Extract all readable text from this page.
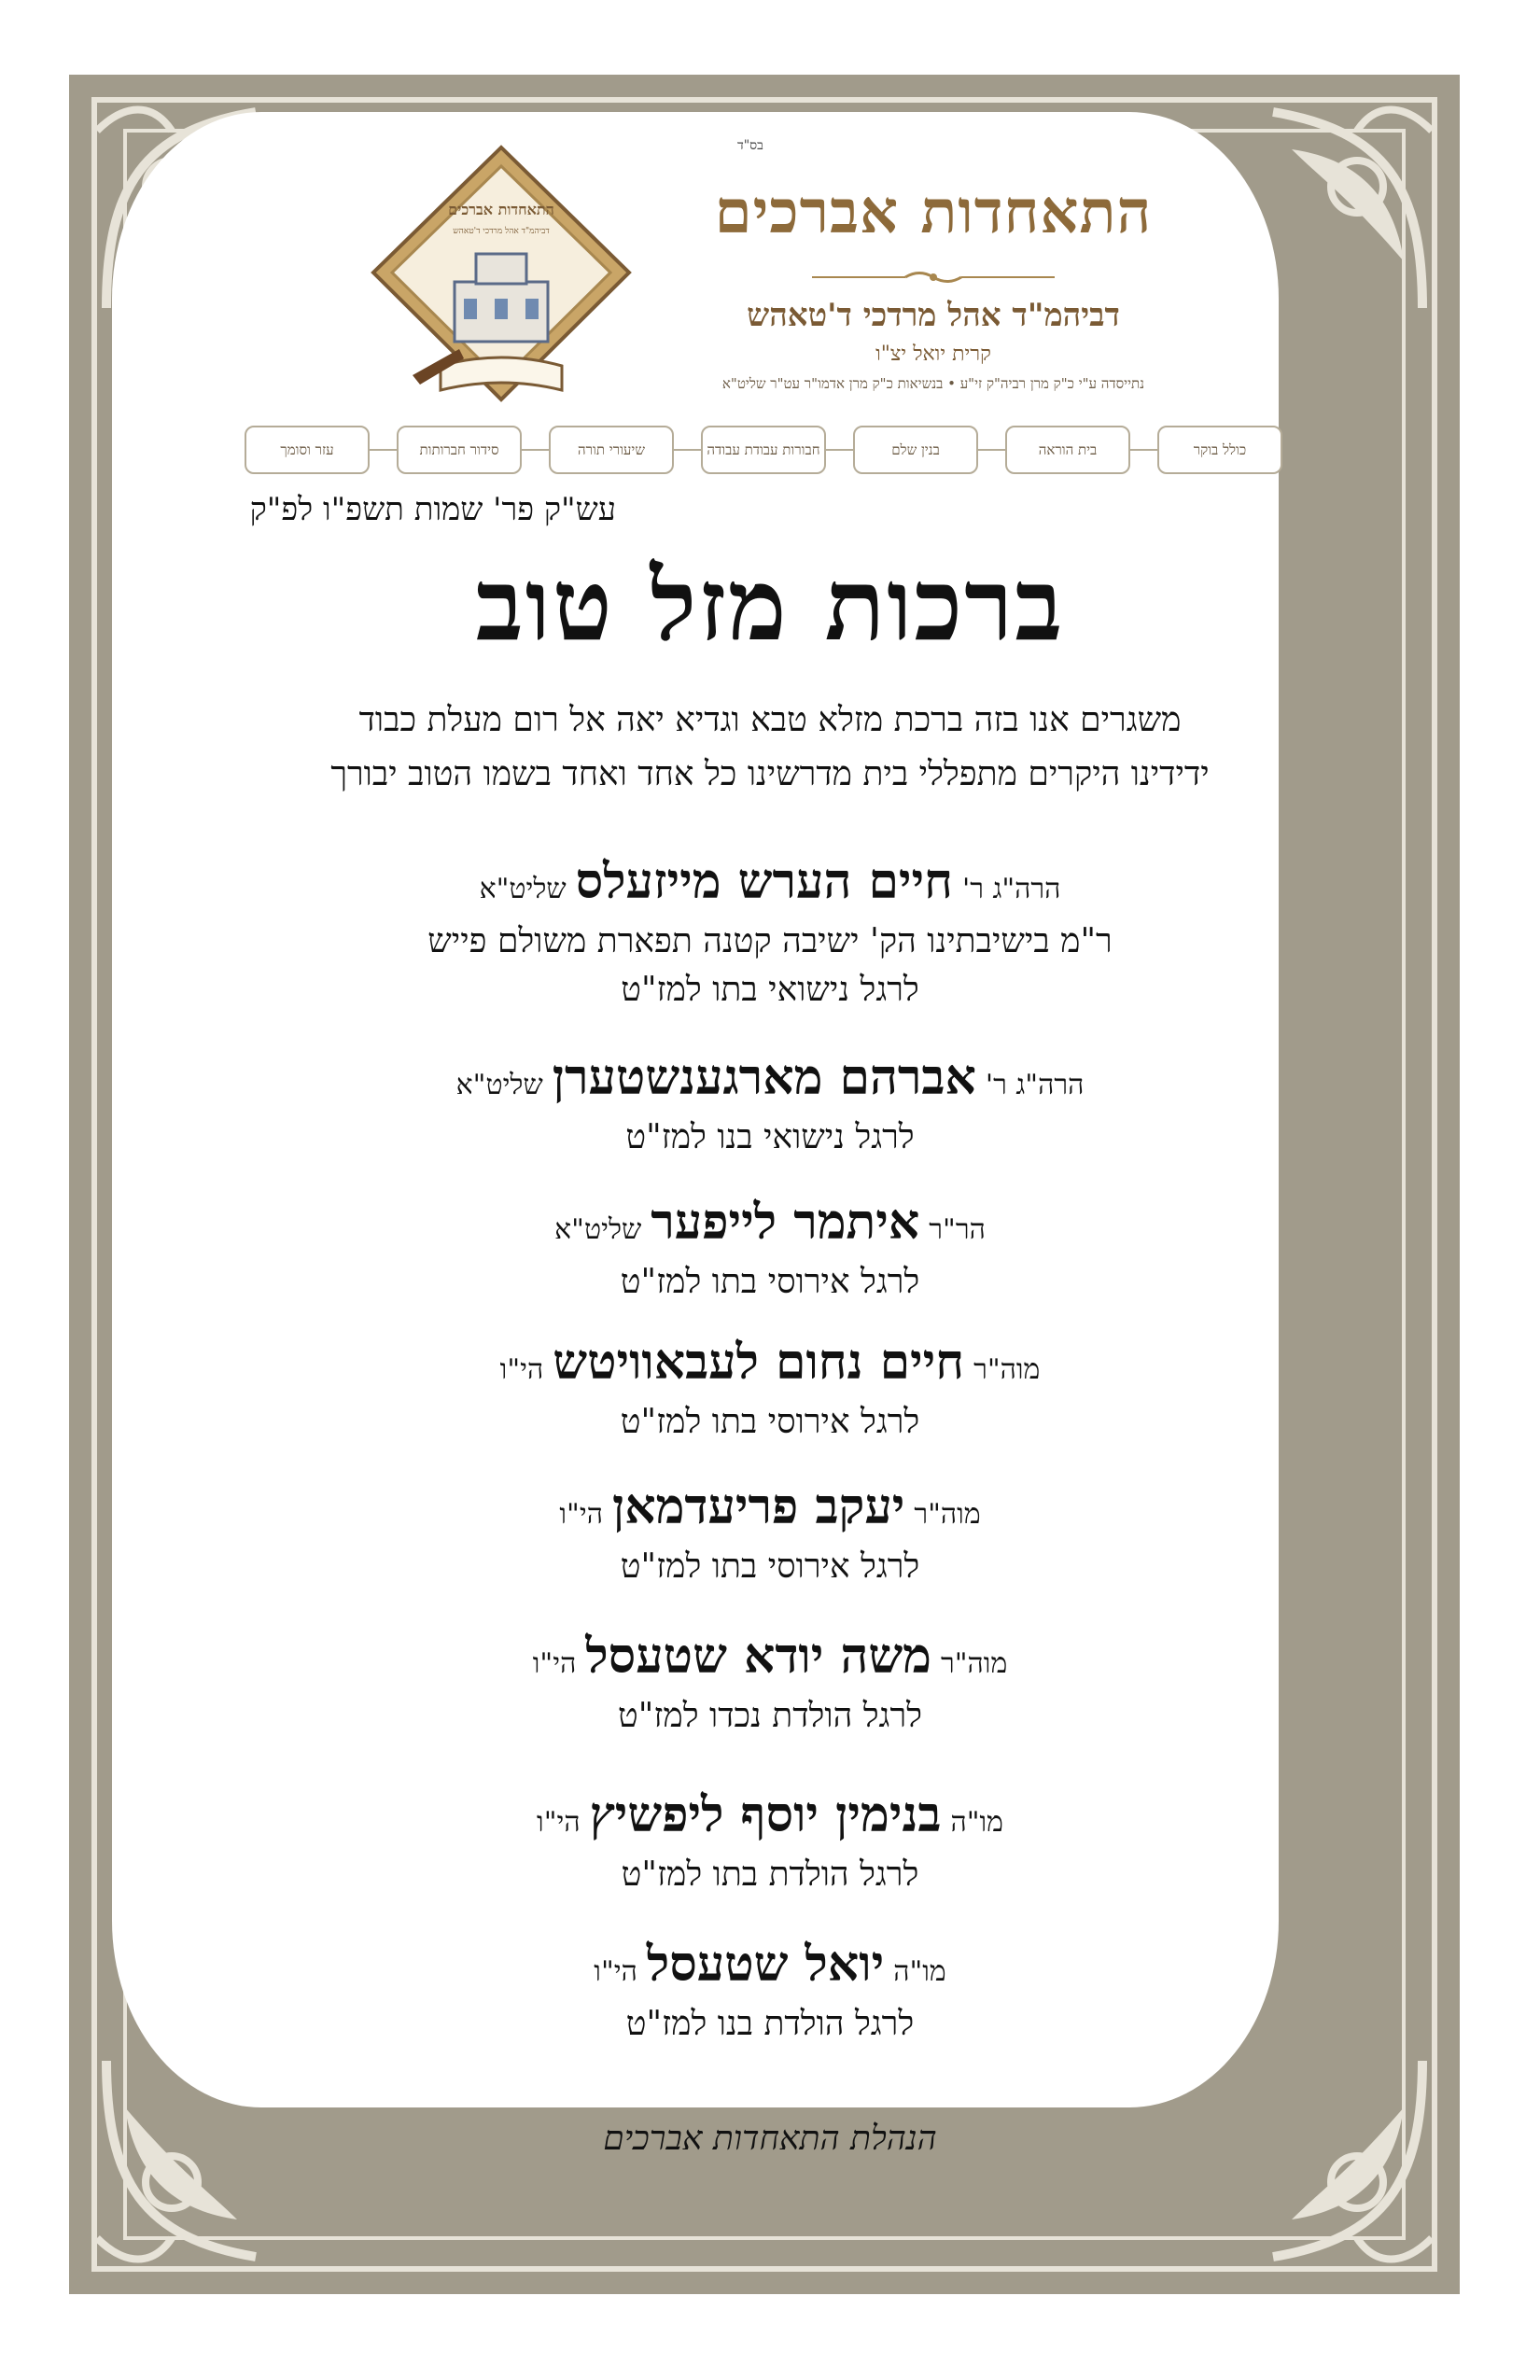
התאחדות אברכים
דביהמ"ד אהל מרדכי ד'טאהש
בס"ד
התאחדות אברכים
דביהמ"ד אהל מרדכי ד'טאהש
קרית יואל יצ"ו
נתייסדה ע"י כ"ק מרן רביה"ק זי"ע • בנשיאות כ"ק מרן אדמו"ר עט"ר שליט"א
כולל בוקר
בית הוראה
בנין שלם
חבורות עבודת עבודה
שיעורי תורה
סידור חברותות
עזר וסומך
עש"ק פר' שמות תשפ"ו לפ"ק
ברכות מזל טוב
משגרים אנו בזה ברכת מזלא טבא וגדיא יאה אל רום מעלת כבוד
ידידינו היקרים מתפללי בית מדרשינו כל אחד ואחד בשמו הטוב יבורך
הרה"ג ר'חיים הערש מייזעלסשליט"א
ר"מ בישיבתינו הק' ישיבה קטנה תפארת משולם פייש
לרגל נישואי בתו למז"ט
הרה"ג ר'אברהם מארגענשטערןשליט"א
לרגל נישואי בנו למז"ט
הר"ראיתמר לייפערשליט"א
לרגל אירוסי בתו למז"ט
מוה"רחיים נחום לעבאוויטשהי"ו
לרגל אירוסי בתו למז"ט
מוה"ריעקב פריעדמאןהי"ו
לרגל אירוסי בתו למז"ט
מוה"רמשה יודא שטעסלהי"ו
לרגל הולדת נכדו למז"ט
מו"הבנימין יוסף ליפשיץהי"ו
לרגל הולדת בתו למז"ט
מו"היואל שטעסלהי"ו
לרגל הולדת בנו למז"ט
הנהלת התאחדות אברכים
